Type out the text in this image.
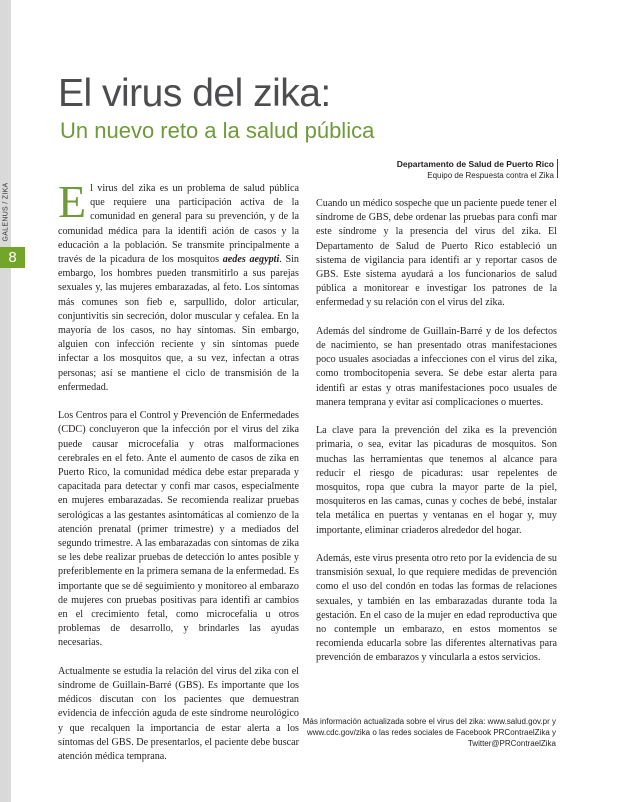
GALENUS / ZIKA
8
El virus del zika:
Un nuevo reto a la salud pública
Departamento de Salud de Puerto Rico
Equipo de Respuesta contra el Zika

El virus del zika es un problema de salud pública que requiere una participación activa de la comunidad en general para su prevención, y de la comunidad médica para la identifi ación de casos y la educación a la población. Se transmite principalmente a través de la picadura de los mosquitos aedes aegypti. Sin embargo, los hombres pueden transmitirlo a sus parejas sexuales y, las mujeres embarazadas, al feto. Los síntomas más comunes son fieb e, sarpullido, dolor articular, conjuntivitis sin secreción, dolor muscular y cefalea. En la mayoría de los casos, no hay síntomas. Sin embargo, alguien con infección reciente y sin síntomas puede infectar a los mosquitos que, a su vez, infectan a otras personas; así se mantiene el ciclo de transmisión de la enfermedad.

Los Centros para el Control y Prevención de Enfermedades (CDC) concluyeron que la infección por el virus del zika puede causar microcefalia y otras malformaciones cerebrales en el feto. Ante el aumento de casos de zika en Puerto Rico, la comunidad médica debe estar preparada y capacitada para detectar y confi mar casos, especialmente en mujeres embarazadas. Se recomienda realizar pruebas serológicas a las gestantes asintomáticas al comienzo de la atención prenatal (primer trimestre) y a mediados del segundo trimestre. A las embarazadas con síntomas de zika se les debe realizar pruebas de detección lo antes posible y preferiblemente en la primera semana de la enfermedad. Es importante que se dé seguimiento y monitoreo al embarazo de mujeres con pruebas positivas para identifi ar cambios en el crecimiento fetal, como microcefalia u otros problemas de desarrollo, y brindarles las ayudas necesarias.

Actualmente se estudia la relación del virus del zika con el síndrome de Guillain-Barré (GBS). Es importante que los médicos discutan con los pacientes que demuestran evidencia de infección aguda de este síndrome neurológico y que recalquen la importancia de estar alerta a los síntomas del GBS. De presentarlos, el paciente debe buscar atención médica temprana.

Cuando un médico sospeche que un paciente puede tener el síndrome de GBS, debe ordenar las pruebas para confi mar este síndrome y la presencia del virus del zika. El Departamento de Salud de Puerto Rico estableció un sistema de vigilancia para identifi ar y reportar casos de GBS. Este sistema ayudará a los funcionarios de salud pública a monitorear e investigar los patrones de la enfermedad y su relación con el virus del zika.

Además del síndrome de Guillain-Barré y de los defectos de nacimiento, se han presentado otras manifestaciones poco usuales asociadas a infecciones con el virus del zika, como trombocitopenia severa. Se debe estar alerta para identifi ar estas y otras manifestaciones poco usuales de manera temprana y evitar así complicaciones o muertes.

La clave para la prevención del zika es la prevención primaria, o sea, evitar las picaduras de mosquitos. Son muchas las herramientas que tenemos al alcance para reducir el riesgo de picaduras: usar repelentes de mosquitos, ropa que cubra la mayor parte de la piel, mosquiteros en las camas, cunas y coches de bebé, instalar tela metálica en puertas y ventanas en el hogar y, muy importante, eliminar criaderos alrededor del hogar.

Además, este virus presenta otro reto por la evidencia de su transmisión sexual, lo que requiere medidas de prevención como el uso del condón en todas las formas de relaciones sexuales, y también en las embarazadas durante toda la gestación. En el caso de la mujer en edad reproductiva que no contemple un embarazo, en estos momentos se recomienda educarla sobre las diferentes alternativas para prevención de embarazos y vincularla a estos servicios.

Más información actualizada sobre el virus del zika: www.salud.gov.pr y www.cdc.gov/zika o las redes sociales de Facebook PRContraelZika y Twitter@PRContraelZika
